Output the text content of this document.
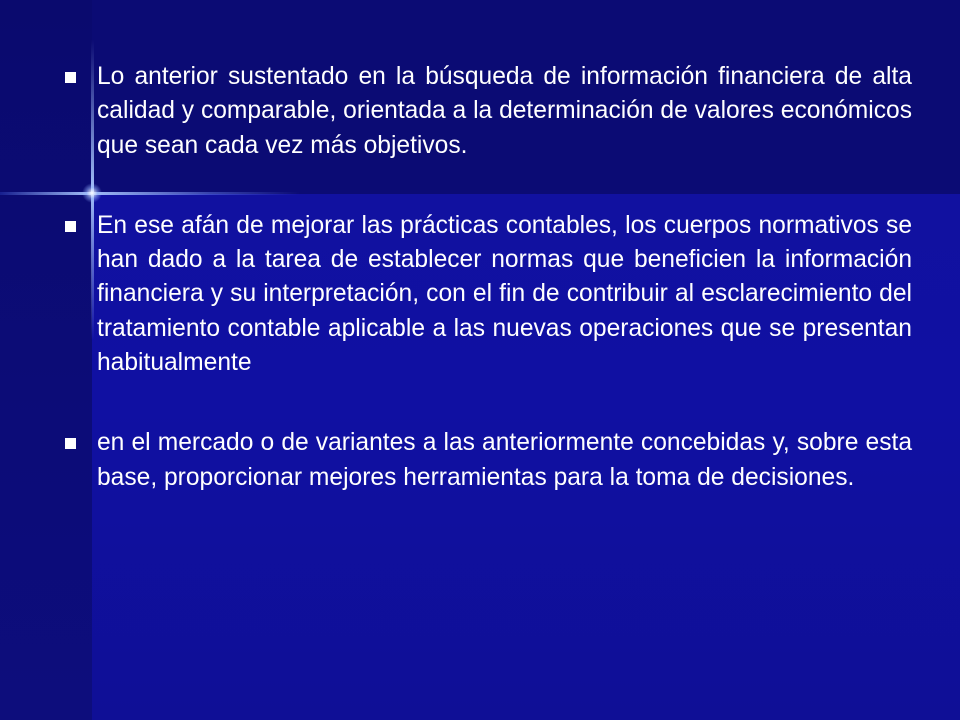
Lo anterior sustentado en la búsqueda de información financiera de alta calidad y comparable, orientada a la determinación de valores económicos que sean cada vez más objetivos.
En ese afán de mejorar las prácticas contables, los cuerpos normativos se han dado a la tarea de establecer normas que beneficien la información financiera y su interpretación, con el fin de contribuir al esclarecimiento del tratamiento contable aplicable a las nuevas operaciones que se presentan habitualmente
en el mercado o de variantes a las anteriormente concebidas y, sobre esta base, proporcionar mejores herramientas para la toma de decisiones.
